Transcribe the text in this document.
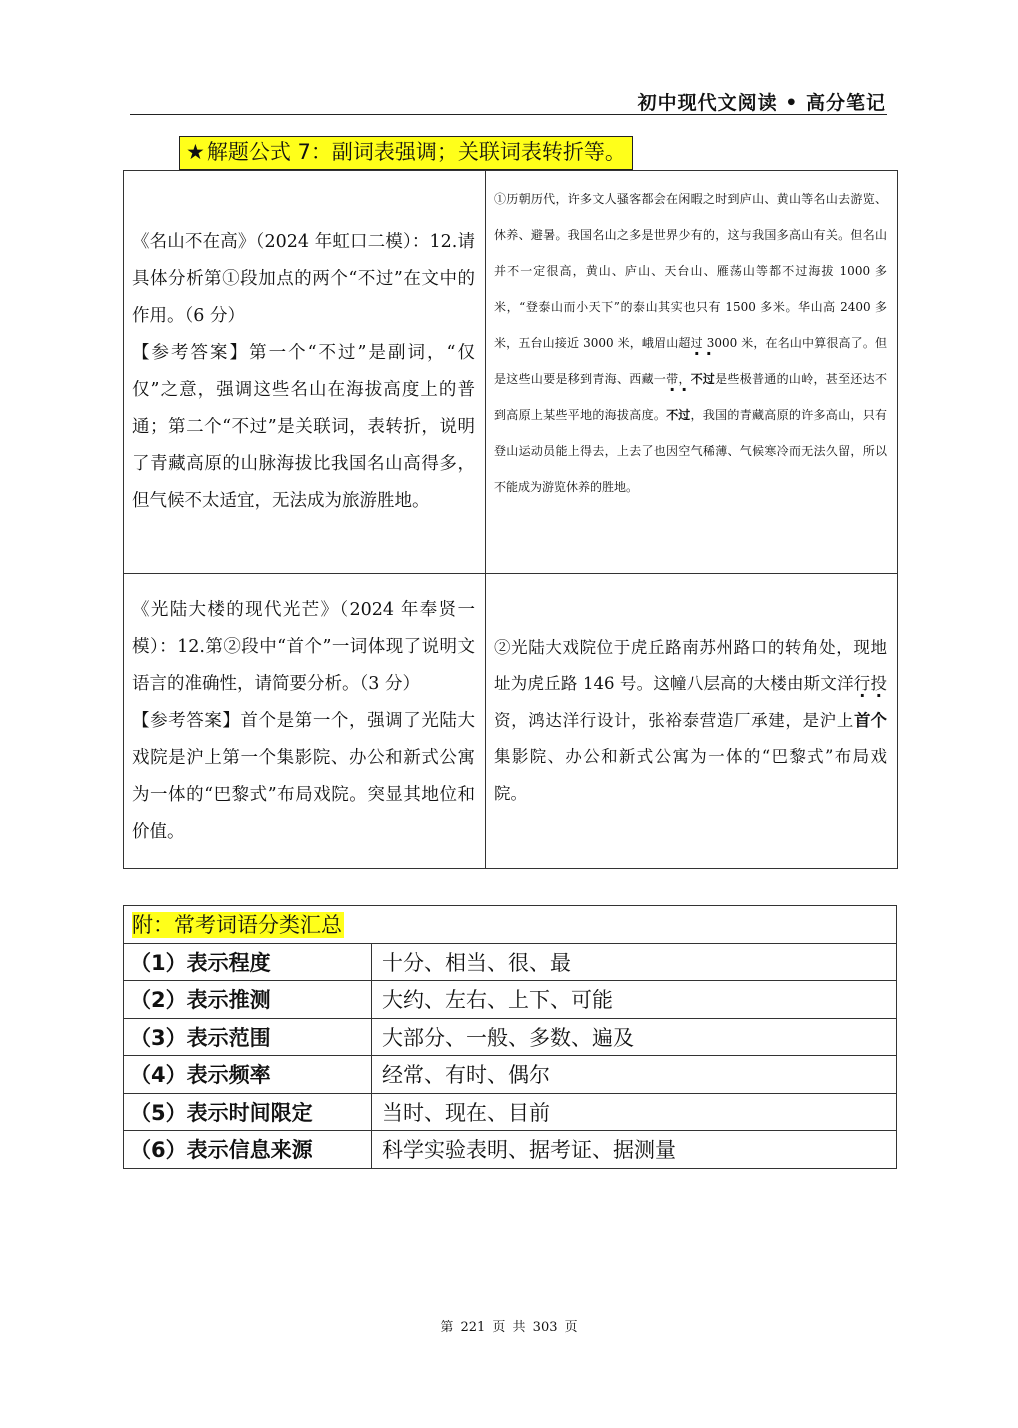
初中现代文阅读 • 高分笔记
★解题公式 7：副词表强调；关联词表转折等。
《名山不在高》（2024 年虹口二模）：12.请具体分析第①段加点的两个“不过”在文中的作用。（6 分）
【参考答案】第一个“不过”是副词，“仅仅”之意，强调这些名山在海拔高度上的普通；第二个“不过”是关联词，表转折，说明了青藏高原的山脉海拔比我国名山高得多，但气候不太适宜，无法成为旅游胜地。	①历朝历代，许多文人骚客都会在闲暇之时到庐山、黄山等名山去游览、休养、避暑。我国名山之多是世界少有的，这与我国多高山有关。但名山并不一定很高，黄山、庐山、天台山、雁荡山等都不过海拔 1000 多米，“登泰山而小天下”的泰山其实也只有 1500 多米。华山高 2400 多米，五台山接近 3000 米，峨眉山超过 3000 米，在名山中算很高了。但是这些山要是移到青海、西藏一带，不过是些极普通的山岭，甚至还达不到高原上某些平地的海拔高度。不过，我国的青藏高原的许多高山，只有登山运动员能上得去，上去了也因空气稀薄、气候寒冷而无法久留，所以不能成为游览休养的胜地。
《光陆大楼的现代光芒》（2024 年奉贤一模）：12.第②段中“首个”一词体现了说明文语言的准确性，请简要分析。（3 分）
【参考答案】首个是第一个，强调了光陆大戏院是沪上第一个集影院、办公和新式公寓为一体的“巴黎式”布局戏院。突显其地位和价值。	②光陆大戏院位于虎丘路南苏州路口的转角处，现地址为虎丘路 146 号。这幢八层高的大楼由斯文洋行投资，鸿达洋行设计，张裕泰营造厂承建，是沪上首个集影院、办公和新式公寓为一体的“巴黎式”布局戏院。
附：常考词语分类汇总	
（1）表示程度	十分、相当、很、最
（2）表示推测	大约、左右、上下、可能
（3）表示范围	大部分、一般、多数、遍及
（4）表示频率	经常、有时、偶尔
（5）表示时间限定	当时、现在、目前
（6）表示信息来源	科学实验表明、据考证、据测量
第 221 页 共 303 页
